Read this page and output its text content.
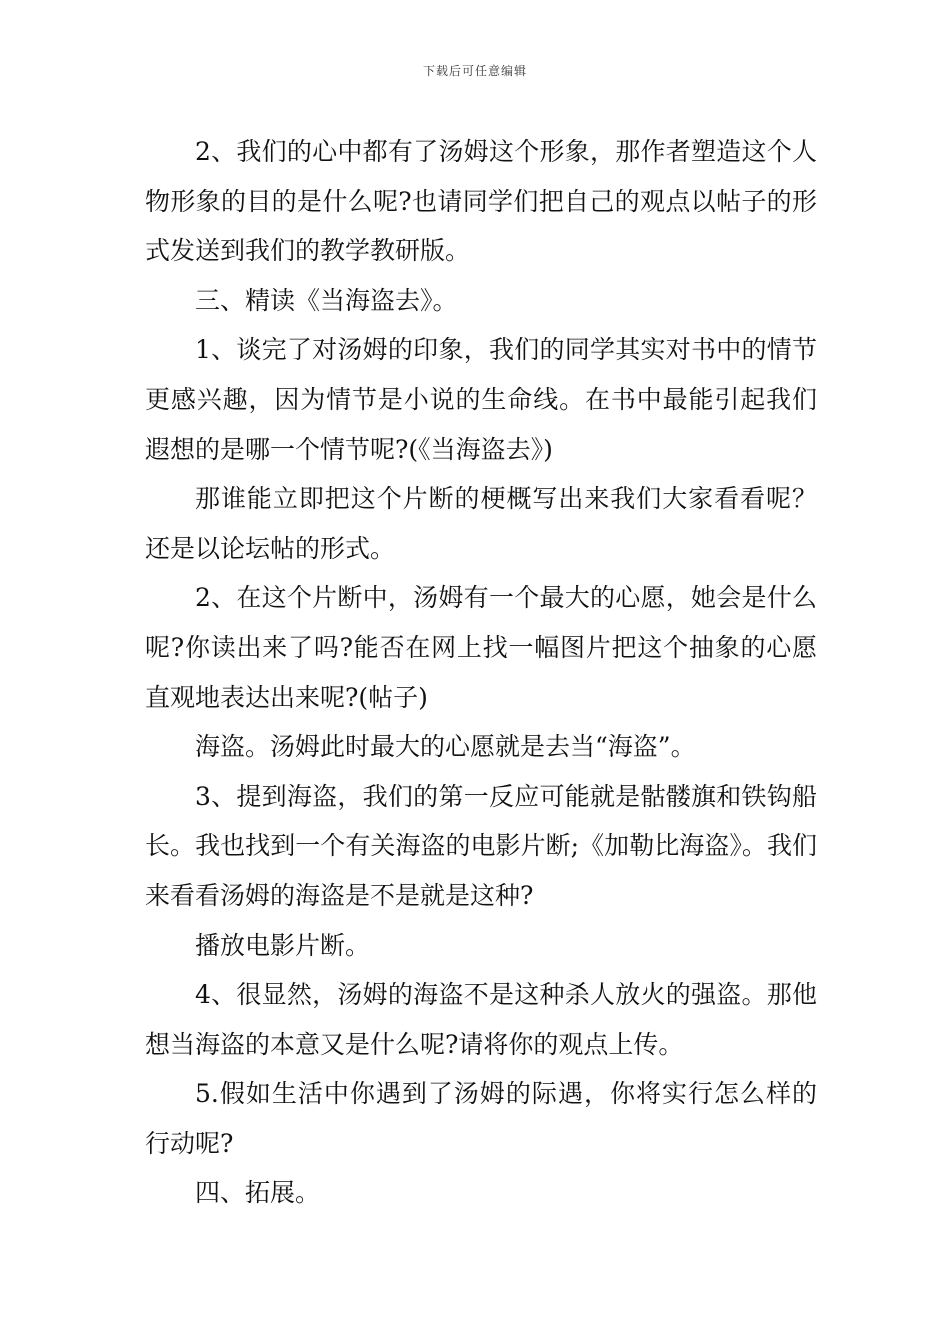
下载后可任意编辑

2、我们的心中都有了汤姆这个形象，那作者塑造这个人物形象的目的是什么呢?也请同学们把自己的观点以帖子的形式发送到我们的教学教研版。

三、精读《当海盗去》。

1、谈完了对汤姆的印象，我们的同学其实对书中的情节更感兴趣，因为情节是小说的生命线。在书中最能引起我们遐想的是哪一个情节呢?(《当海盗去》)

那谁能立即把这个片断的梗概写出来我们大家看看呢？还是以论坛帖的形式。

2、在这个片断中，汤姆有一个最大的心愿，她会是什么呢?你读出来了吗?能否在网上找一幅图片把这个抽象的心愿直观地表达出来呢?(帖子)

海盗。汤姆此时最大的心愿就是去当“海盗”。

3、提到海盗，我们的第一反应可能就是骷髅旗和铁钩船长。我也找到一个有关海盗的电影片断;《加勒比海盗》。我们来看看汤姆的海盗是不是就是这种?

播放电影片断。

4、很显然，汤姆的海盗不是这种杀人放火的强盗。那他想当海盗的本意又是什么呢?请将你的观点上传。

5.假如生活中你遇到了汤姆的际遇，你将实行怎么样的行动呢?

四、拓展。
